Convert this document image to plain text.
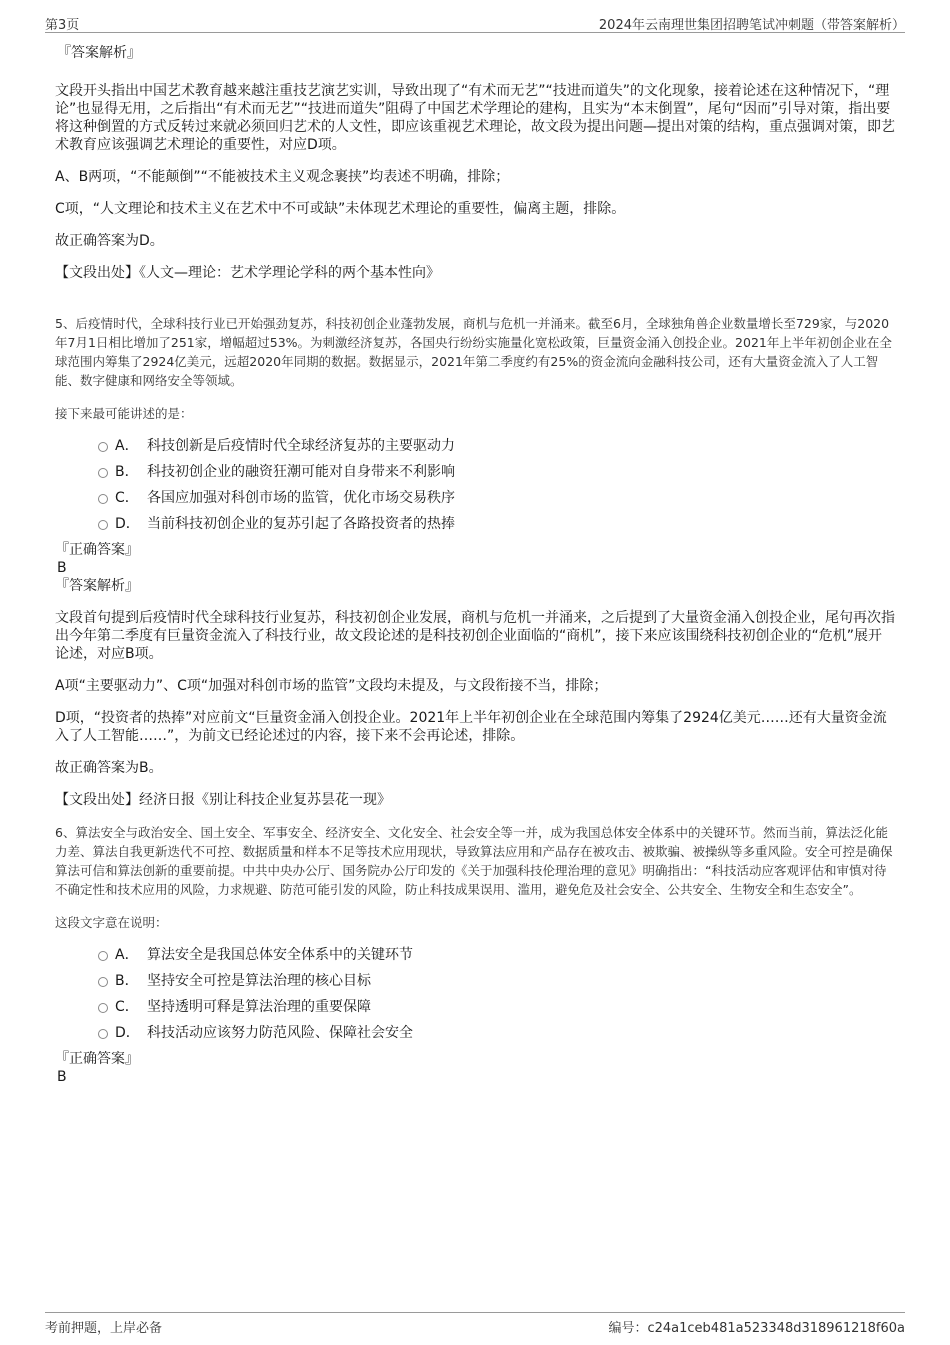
第3页	2024年云南理世集团招聘笔试冲刺题（带答案解析）
『答案解析』

文段开头指出中国艺术教育越来越注重技艺演艺实训，导致出现了“有术而无艺”“技进而道失”的文化现象，接着论述在这种情况下，“理论”也显得无用，之后指出“有术而无艺”“技进而道失”阻碍了中国艺术学理论的建构，且实为“本末倒置”，尾句“因而”引导对策，指出要将这种倒置的方式反转过来就必须回归艺术的人文性，即应该重视艺术理论，故文段为提出问题—提出对策的结构，重点强调对策，即艺术教育应该强调艺术理论的重要性，对应D项。

A、B两项，“不能颠倒”“不能被技术主义观念裹挟”均表述不明确，排除；

C项，“人文理论和技术主义在艺术中不可或缺”未体现艺术理论的重要性，偏离主题，排除。

故正确答案为D。

【文段出处】《人文—理论：艺术学理论学科的两个基本性向》

5、后疫情时代，全球科技行业已开始强劲复苏，科技初创企业蓬勃发展，商机与危机一并涌来。截至6月，全球独角兽企业数量增长至729家，与2020年7月1日相比增加了251家，增幅超过53%。为刺激经济复苏，各国央行纷纷实施量化宽松政策，巨量资金涌入创投企业。2021年上半年初创企业在全球范围内筹集了2924亿美元，远超2020年同期的数据。数据显示，2021年第二季度约有25%的资金流向金融科技公司，还有大量资金流入了人工智能、数字健康和网络安全等领域。

接下来最可能讲述的是：

A． 科技创新是后疫情时代全球经济复苏的主要驱动力
B． 科技初创企业的融资狂潮可能对自身带来不利影响
C． 各国应加强对科创市场的监管，优化市场交易秩序
D． 当前科技初创企业的复苏引起了各路投资者的热捧
『正确答案』
B
『答案解析』

文段首句提到后疫情时代全球科技行业复苏，科技初创企业发展，商机与危机一并涌来，之后提到了大量资金涌入创投企业，尾句再次指出今年第二季度有巨量资金流入了科技行业，故文段论述的是科技初创企业面临的“商机”，接下来应该围绕科技初创企业的“危机”展开论述，对应B项。

A项“主要驱动力”、C项“加强对科创市场的监管”文段均未提及，与文段衔接不当，排除；

D项，“投资者的热捧”对应前文“巨量资金涌入创投企业。2021年上半年初创企业在全球范围内筹集了2924亿美元……还有大量资金流入了人工智能……”，为前文已经论述过的内容，接下来不会再论述，排除。

故正确答案为B。

【文段出处】经济日报《别让科技企业复苏昙花一现》

6、算法安全与政治安全、国土安全、军事安全、经济安全、文化安全、社会安全等一并，成为我国总体安全体系中的关键环节。然而当前，算法泛化能力差、算法自我更新迭代不可控、数据质量和样本不足等技术应用现状，导致算法应用和产品存在被攻击、被欺骗、被操纵等多重风险。安全可控是确保算法可信和算法创新的重要前提。中共中央办公厅、国务院办公厅印发的《关于加强科技伦理治理的意见》明确指出：“科技活动应客观评估和审慎对待不确定性和技术应用的风险，力求规避、防范可能引发的风险，防止科技成果误用、滥用，避免危及社会安全、公共安全、生物安全和生态安全”。

这段文字意在说明：

A． 算法安全是我国总体安全体系中的关键环节
B． 坚持安全可控是算法治理的核心目标
C． 坚持透明可释是算法治理的重要保障
D． 科技活动应该努力防范风险、保障社会安全
『正确答案』
B
考前押题，上岸必备	编号：c24a1ceb481a523348d318961218f60a
